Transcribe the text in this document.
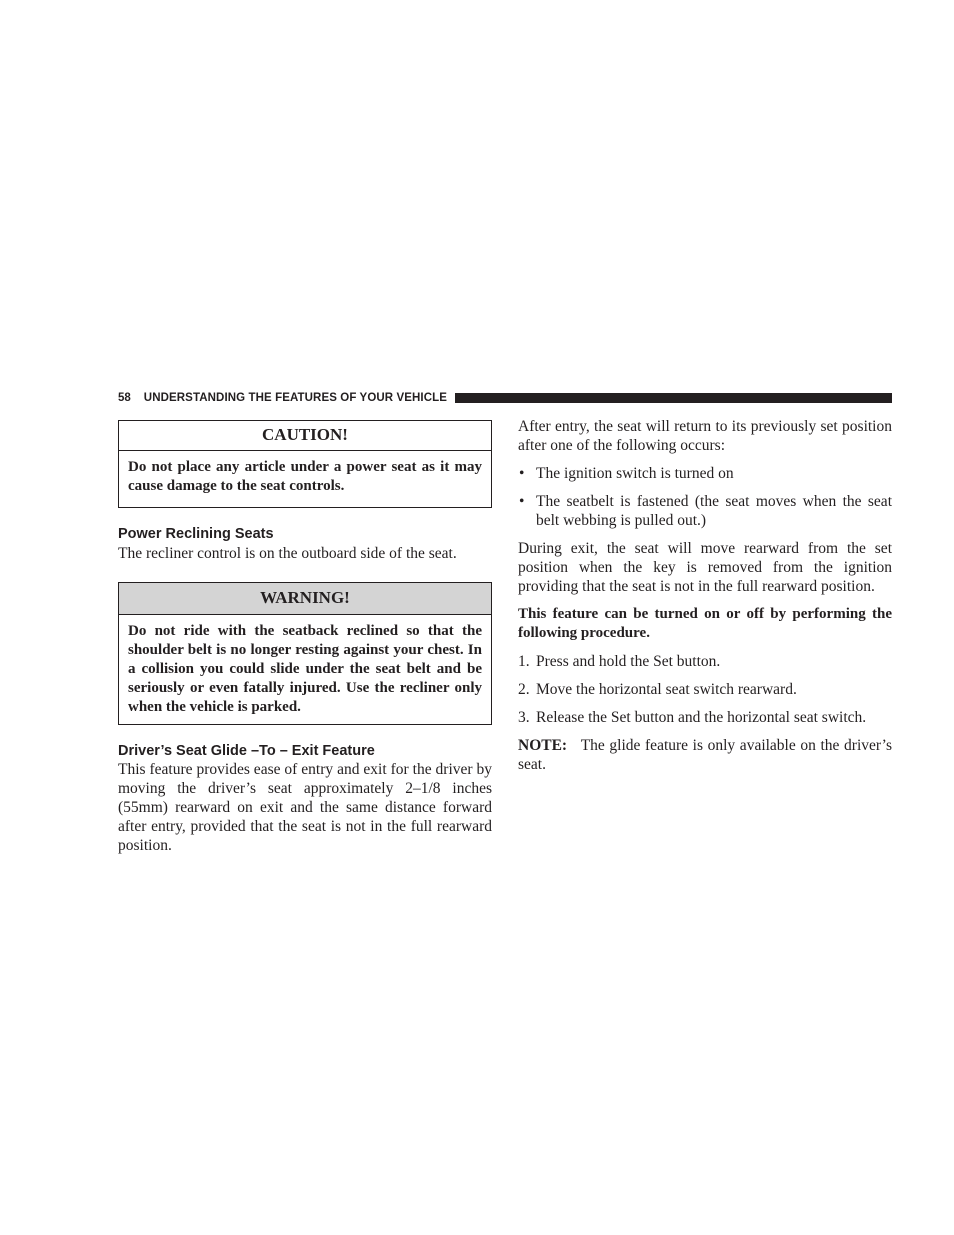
58 UNDERSTANDING THE FEATURES OF YOUR VEHICLE
CAUTION!
Do not place any article under a power seat as it may cause damage to the seat controls.
Power Reclining Seats

The recliner control is on the outboard side of the seat.

WARNING!
Do not ride with the seatback reclined so that the shoulder belt is no longer resting against your chest. In a collision you could slide under the seat belt and be seriously or even fatally injured. Use the recliner only when the vehicle is parked.
Driver’s Seat Glide –To – Exit Feature

This feature provides ease of entry and exit for the driver by moving the driver’s seat approximately 2–1/8 inches (55mm) rearward on exit and the same distance forward after entry, provided that the seat is not in the full rearward position.

After entry, the seat will return to its previously set position after one of the following occurs:

• The ignition switch is turned on
• The seatbelt is fastened (the seat moves when the seat belt webbing is pulled out.)

During exit, the seat will move rearward from the set position when the key is removed from the ignition providing that the seat is not in the full rearward position.

This feature can be turned on or off by performing the following procedure.

1. Press and hold the Set button.
2. Move the horizontal seat switch rearward.
3. Release the Set button and the horizontal seat switch.

NOTE: The glide feature is only available on the driver’s seat.
